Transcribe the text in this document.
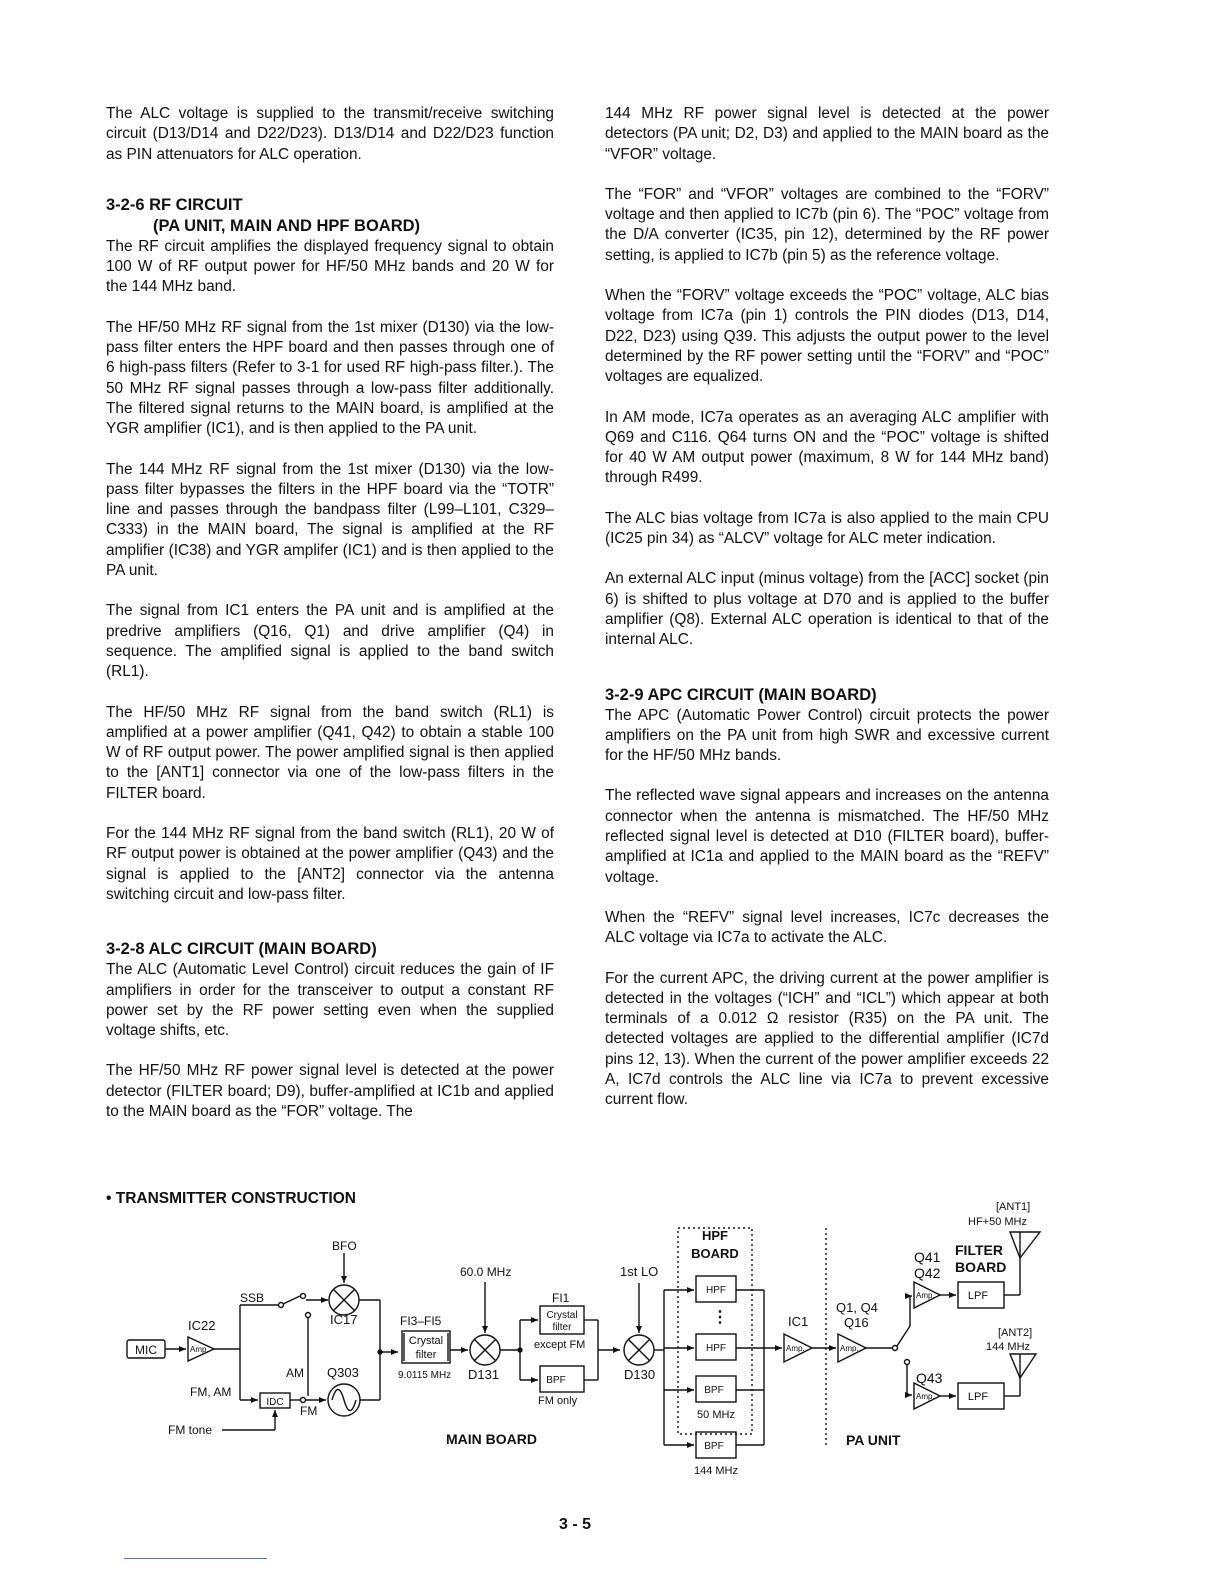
The ALC voltage is supplied to the transmit/receive switching circuit (D13/D14 and D22/D23). D13/D14 and D22/D23 function as PIN attenuators for ALC operation.

3-2-6 RF CIRCUIT
(PA UNIT, MAIN AND HPF BOARD)

The RF circuit amplifies the displayed frequency signal to obtain 100 W of RF output power for HF/50 MHz bands and 20 W for the 144 MHz band.

The HF/50 MHz RF signal from the 1st mixer (D130) via the low-pass filter enters the HPF board and then passes through one of 6 high-pass filters (Refer to 3-1 for used RF high-pass filter.). The 50 MHz RF signal passes through a low-pass filter additionally. The filtered signal returns to the MAIN board, is amplified at the YGR amplifier (IC1), and is then applied to the PA unit.

The 144 MHz RF signal from the 1st mixer (D130) via the low-pass filter bypasses the filters in the HPF board via the “TOTR” line and passes through the bandpass filter (L99–L101, C329–C333) in the MAIN board, The signal is amplified at the RF amplifier (IC38) and YGR amplifer (IC1) and is then applied to the PA unit.

The signal from IC1 enters the PA unit and is amplified at the predrive amplifiers (Q16, Q1) and drive amplifier (Q4) in sequence. The amplified signal is applied to the band switch (RL1).

The HF/50 MHz RF signal from the band switch (RL1) is amplified at a power amplifier (Q41, Q42) to obtain a stable 100 W of RF output power. The power amplified signal is then applied to the [ANT1] connector via one of the low-pass filters in the FILTER board.

For the 144 MHz RF signal from the band switch (RL1), 20 W of RF output power is obtained at the power amplifier (Q43) and the signal is applied to the [ANT2] connector via the antenna switching circuit and low-pass filter.

3-2-8 ALC CIRCUIT (MAIN BOARD)

The ALC (Automatic Level Control) circuit reduces the gain of IF amplifiers in order for the transceiver to output a constant RF power set by the RF power setting even when the supplied voltage shifts, etc.

The HF/50 MHz RF power signal level is detected at the power detector (FILTER board; D9), buffer-amplified at IC1b and applied to the MAIN board as the “FOR” voltage. The

144 MHz RF power signal level is detected at the power detectors (PA unit; D2, D3) and applied to the MAIN board as the “VFOR” voltage.

The “FOR” and “VFOR” voltages are combined to the “FORV” voltage and then applied to IC7b (pin 6). The “POC” voltage from the D/A converter (IC35, pin 12), determined by the RF power setting, is applied to IC7b (pin 5) as the reference voltage.

When the “FORV” voltage exceeds the “POC” voltage, ALC bias voltage from IC7a (pin 1) controls the PIN diodes (D13, D14, D22, D23) using Q39. This adjusts the output power to the level determined by the RF power setting until the “FORV” and “POC” voltages are equalized.

In AM mode, IC7a operates as an averaging ALC amplifier with Q69 and C116. Q64 turns ON and the “POC” voltage is shifted for 40 W AM output power (maximum, 8 W for 144 MHz band) through R499.

The ALC bias voltage from IC7a is also applied to the main CPU (IC25 pin 34) as “ALCV” voltage for ALC meter indication.

An external ALC input (minus voltage) from the [ACC] socket (pin 6) is shifted to plus voltage at D70 and is applied to the buffer amplifier (Q8). External ALC operation is identical to that of the internal ALC.

3-2-9 APC CIRCUIT (MAIN BOARD)

The APC (Automatic Power Control) circuit protects the power amplifiers on the PA unit from high SWR and excessive current for the HF/50 MHz bands.

The reflected wave signal appears and increases on the antenna connector when the antenna is mismatched. The HF/50 MHz reflected signal level is detected at D10 (FILTER board), buffer-amplified at IC1a and applied to the MAIN board as the “REFV” voltage.

When the “REFV” signal level increases, IC7c decreases the ALC voltage via IC7a to activate the ALC.

For the current APC, the driving current at the power amplifier is detected in the voltages (“ICH” and “ICL”) which appear at both terminals of a 0.012 Ω resistor (R35) on the PA unit. The detected voltages are applied to the differential amplifier (IC7d pins 12, 13). When the current of the power amplifier exceeds 22 A, IC7d controls the ALC line via IC7a to prevent excessive current flow.

• TRANSMITTER CONSTRUCTION
MIC	Amp.
IC22
SSB
FM, AM
IDC
FM
AM
FM tone
BFO
IC17
Q303
FI3–FI5
Crystal
filter
9.0115 MHz D131
60.0 MHz
FI1
Crystal
filter
except FM
BPF
FM only
1st LO
D130
HPF
BOARD
HPF
⋮
HPF
BPF
50 MHz
BPF
144 MHz
IC1
Amp.
Q1, Q4
Q16
Amp.
Q41
Q42
Amp.
FILTER
BOARD
LPF
[ANT1]
HF+50 MHz
Q43
Amp.	LPF
[ANT2]
144 MHz
MAIN BOARD	PA UNIT
3 - 5
